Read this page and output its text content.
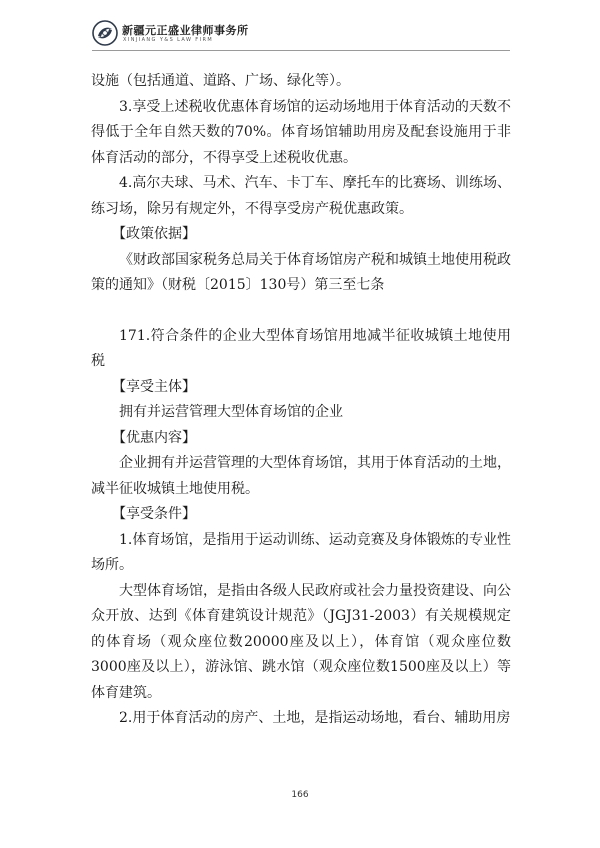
新疆元正盛业律师事务所
XINJIANG Y&S LAW FIRM

设施（包括通道、道路、广场、绿化等）。

3.享受上述税收优惠体育场馆的运动场地用于体育活动的天数不得低于全年自然天数的70%。体育场馆辅助用房及配套设施用于非体育活动的部分，不得享受上述税收优惠。

4.高尔夫球、马术、汽车、卡丁车、摩托车的比赛场、训练场、练习场，除另有规定外，不得享受房产税优惠政策。

【政策依据】

《财政部国家税务总局关于体育场馆房产税和城镇土地使用税政策的通知》（财税〔2015〕130号）第三至七条

171.符合条件的企业大型体育场馆用地减半征收城镇土地使用税

【享受主体】

拥有并运营管理大型体育场馆的企业

【优惠内容】

企业拥有并运营管理的大型体育场馆，其用于体育活动的土地，减半征收城镇土地使用税。

【享受条件】

1.体育场馆，是指用于运动训练、运动竞赛及身体锻炼的专业性场所。

大型体育场馆，是指由各级人民政府或社会力量投资建设、向公众开放、达到《体育建筑设计规范》（JGJ31-2003）有关规模规定的体育场（观众座位数20000座及以上），体育馆（观众座位数3000座及以上），游泳馆、跳水馆（观众座位数1500座及以上）等体育建筑。

2.用于体育活动的房产、土地，是指运动场地，看台、辅助用房

166
